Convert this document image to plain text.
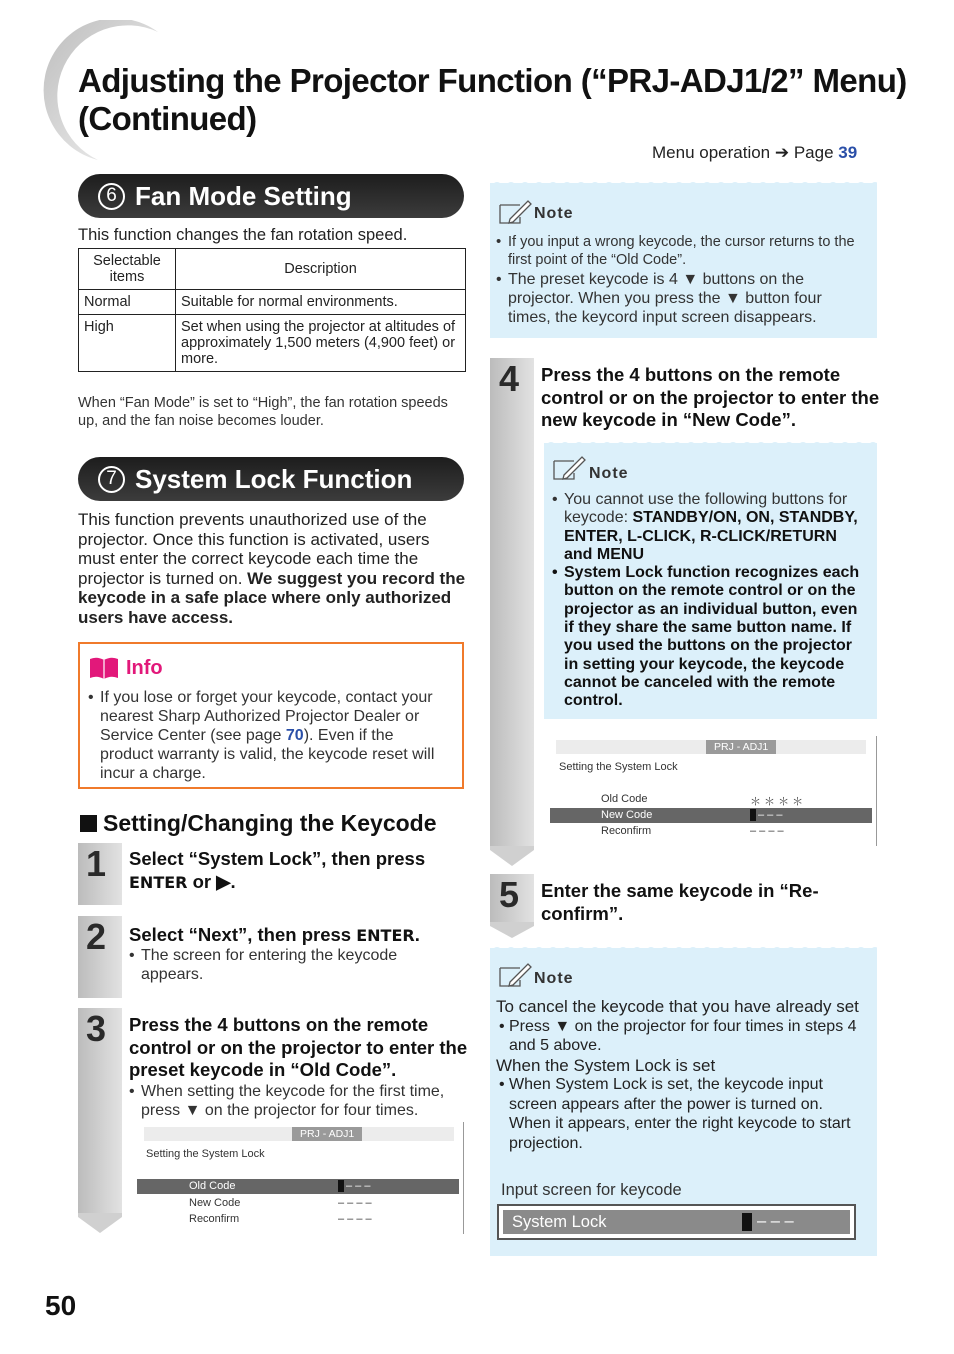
Adjusting the Projector Function (“PRJ-ADJ1/2” Menu) (Continued)
Menu operation ➔ Page 39
6 Fan Mode Setting
This function changes the fan rotation speed.
Selectable items	Description
Normal	Suitable for normal environments.
High	Set when using the projector at altitudes of approximately 1,500 meters (4,900 feet) or more.
When “Fan Mode” is set to “High”, the fan rotation speeds up, and the fan noise becomes louder.
7 System Lock Function
This function prevents unauthorized use of the projector. Once this function is activated, users must enter the correct keycode each time the projector is turned on. We suggest you record the keycode in a safe place where only authorized users have access.
Info
• If you lose or forget your keycode, contact your nearest Sharp Authorized Projector Dealer or Service Center (see page 70). Even if the product warranty is valid, the keycode reset will incur a charge.
Setting/Changing the Keycode
1 Select “System Lock”, then press ENTER or ▶.
2 Select “Next”, then press ENTER.
• The screen for entering the keycode appears.
3 Press the 4 buttons on the remote control or on the projector to enter the preset keycode in “Old Code”.
• When setting the keycode for the first time, press ▼ on the projector for four times.
PRJ - ADJ1
Setting the System Lock
Old Code	– – –
New Code	– – – –
Reconfirm	– – – –
Note
• If you input a wrong keycode, the cursor returns to the first point of the “Old Code”.
• The preset keycode is 4 ▼ buttons on the projector. When you press the ▼ button four times, the keycord input screen disappears.
4 Press the 4 buttons on the remote control or on the projector to enter the new keycode in “New Code”.
Note
• You cannot use the following buttons for keycode: STANDBY/ON, ON, STANDBY, ENTER, L-CLICK, R-CLICK/RETURN and MENU
• System Lock function recognizes each button on the remote control or on the projector as an individual button, even if they share the same button name. If you used the buttons on the projector in setting your keycode, the keycode cannot be canceled with the remote control.
PRJ - ADJ1
Setting the System Lock
Old Code	＊ ＊ ＊ ＊
New Code	– – –
Reconfirm	– – – –
5 Enter the same keycode in “Re-confirm”.
Note
To cancel the keycode that you have already set
• Press ▼ on the projector for four times in steps 4 and 5 above.
When the System Lock is set
• When System Lock is set, the keycode input screen appears after the power is turned on. When it appears, enter the right keycode to start projection.
Input screen for keycode
System Lock	– – –
50
